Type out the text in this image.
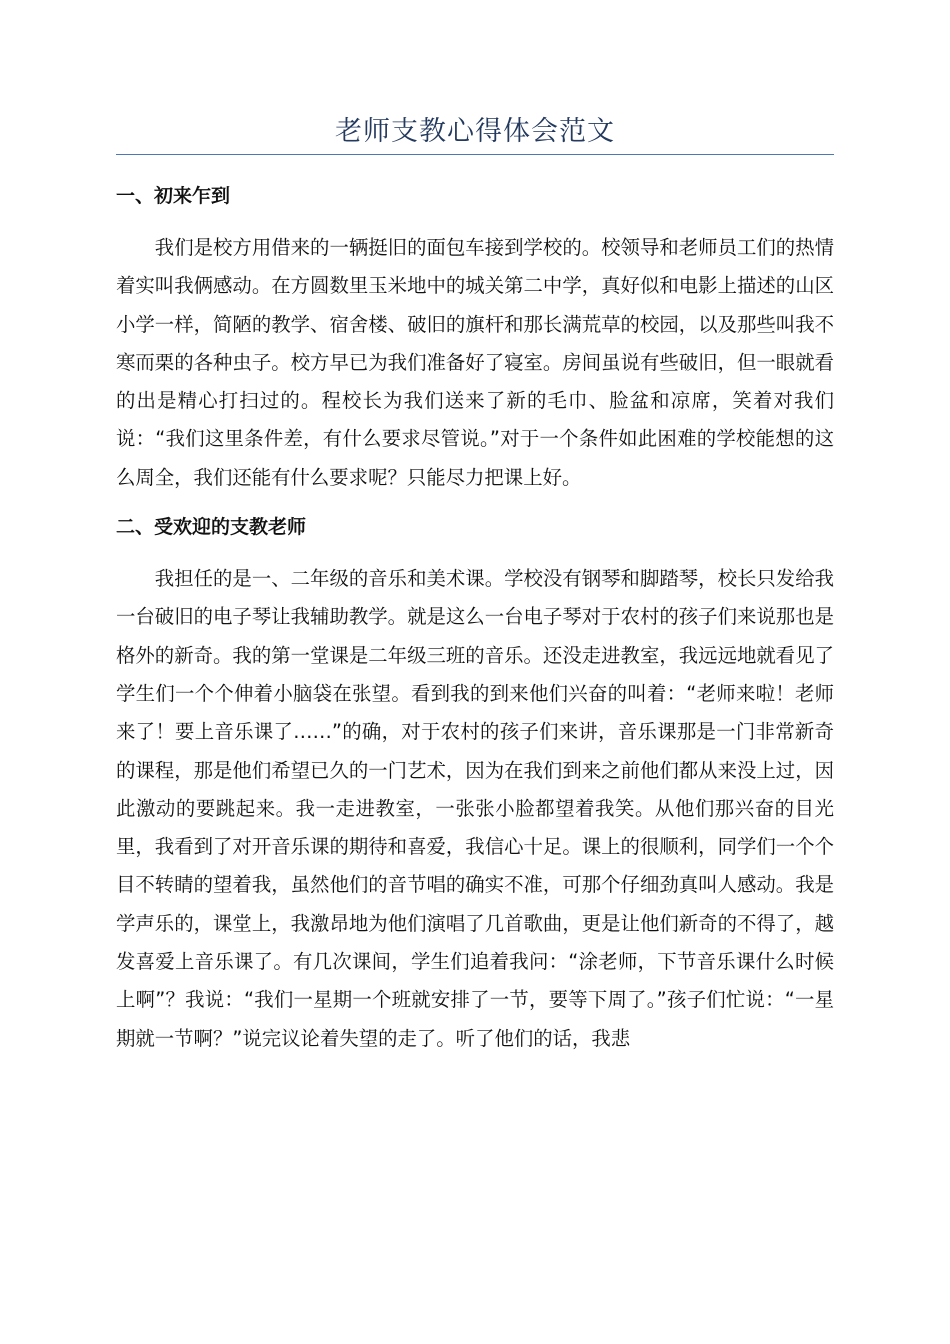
老师支教心得体会范文
一、初来乍到

我们是校方用借来的一辆挺旧的面包车接到学校的。校领导和老师员工们的热情着实叫我俩感动。在方圆数里玉米地中的城关第二中学，真好似和电影上描述的山区小学一样，简陋的教学、宿舍楼、破旧的旗杆和那长满荒草的校园，以及那些叫我不寒而栗的各种虫子。校方早已为我们准备好了寝室。房间虽说有些破旧，但一眼就看的出是精心打扫过的。程校长为我们送来了新的毛巾、脸盆和凉席，笑着对我们说：“我们这里条件差，有什么要求尽管说。”对于一个条件如此困难的学校能想的这么周全，我们还能有什么要求呢？只能尽力把课上好。

二、受欢迎的支教老师

我担任的是一、二年级的音乐和美术课。学校没有钢琴和脚踏琴，校长只发给我一台破旧的电子琴让我辅助教学。就是这么一台电子琴对于农村的孩子们来说那也是格外的新奇。我的第一堂课是二年级三班的音乐。还没走进教室，我远远地就看见了学生们一个个伸着小脑袋在张望。看到我的到来他们兴奋的叫着：“老师来啦！老师来了！要上音乐课了……”的确，对于农村的孩子们来讲，音乐课那是一门非常新奇的课程，那是他们希望已久的一门艺术，因为在我们到来之前他们都从来没上过，因此激动的要跳起来。我一走进教室，一张张小脸都望着我笑。从他们那兴奋的目光里，我看到了对开音乐课的期待和喜爱，我信心十足。课上的很顺利，同学们一个个目不转睛的望着我，虽然他们的音节唱的确实不准，可那个仔细劲真叫人感动。我是学声乐的，课堂上，我激昂地为他们演唱了几首歌曲，更是让他们新奇的不得了，越发喜爱上音乐课了。有几次课间，学生们追着我问：“涂老师，下节音乐课什么时候上啊”？我说：“我们一星期一个班就安排了一节，要等下周了。”孩子们忙说：“一星期就一节啊？”说完议论着失望的走了。听了他们的话，我悲
